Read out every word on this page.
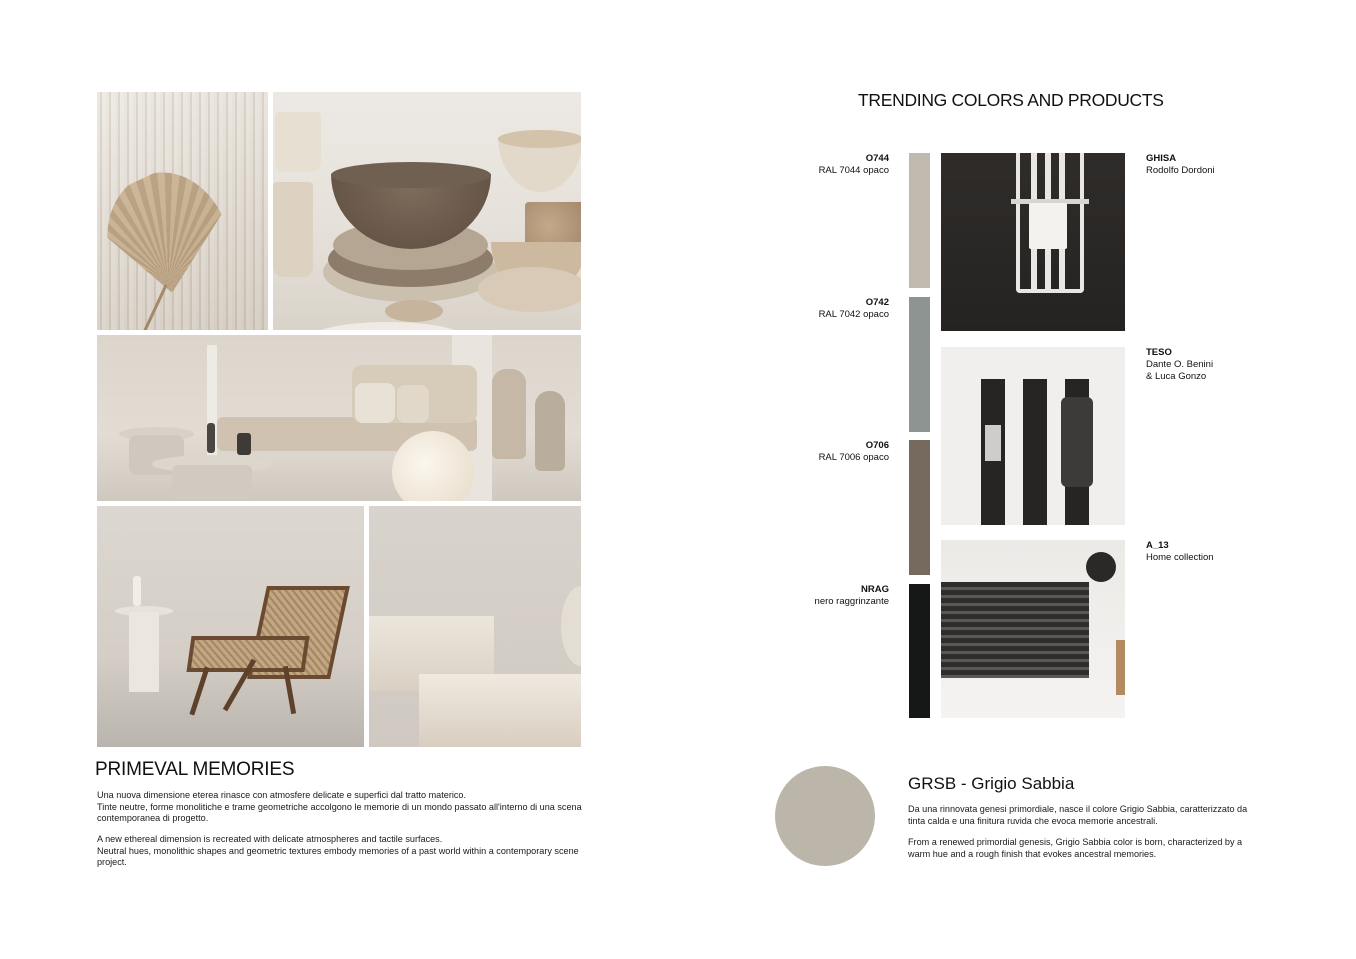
PRIMEVAL MEMORIES

Una nuova dimensione eterea rinasce con atmosfere delicate e superfici dal tratto materico.

Tinte neutre, forme monolitiche e trame geometriche accolgono le memorie di un mondo passato all'interno di una scena contemporanea di progetto.

A new ethereal dimension is recreated with delicate atmospheres and tactile surfaces.

Neutral hues, monolithic shapes and geometric textures embody memories of a past world within a contemporary scene project.

TRENDING COLORS AND PRODUCTS
O744
RAL 7044 opaco
O742
RAL 7042 opaco
O706
RAL 7006 opaco
NRAG
nero raggrinzante
GHISA
Rodolfo Dordoni
TESO
Dante O. Benini
& Luca Gonzo
A_13
Home collection
GRSB - Grigio Sabbia

Da una rinnovata genesi primordiale, nasce il colore Grigio Sabbia, caratterizzato da tinta calda e una finitura ruvida che evoca memorie ancestrali.

From a renewed primordial genesis, Grigio Sabbia color is born, characterized by a warm hue and a rough finish that evokes ancestral memories.
